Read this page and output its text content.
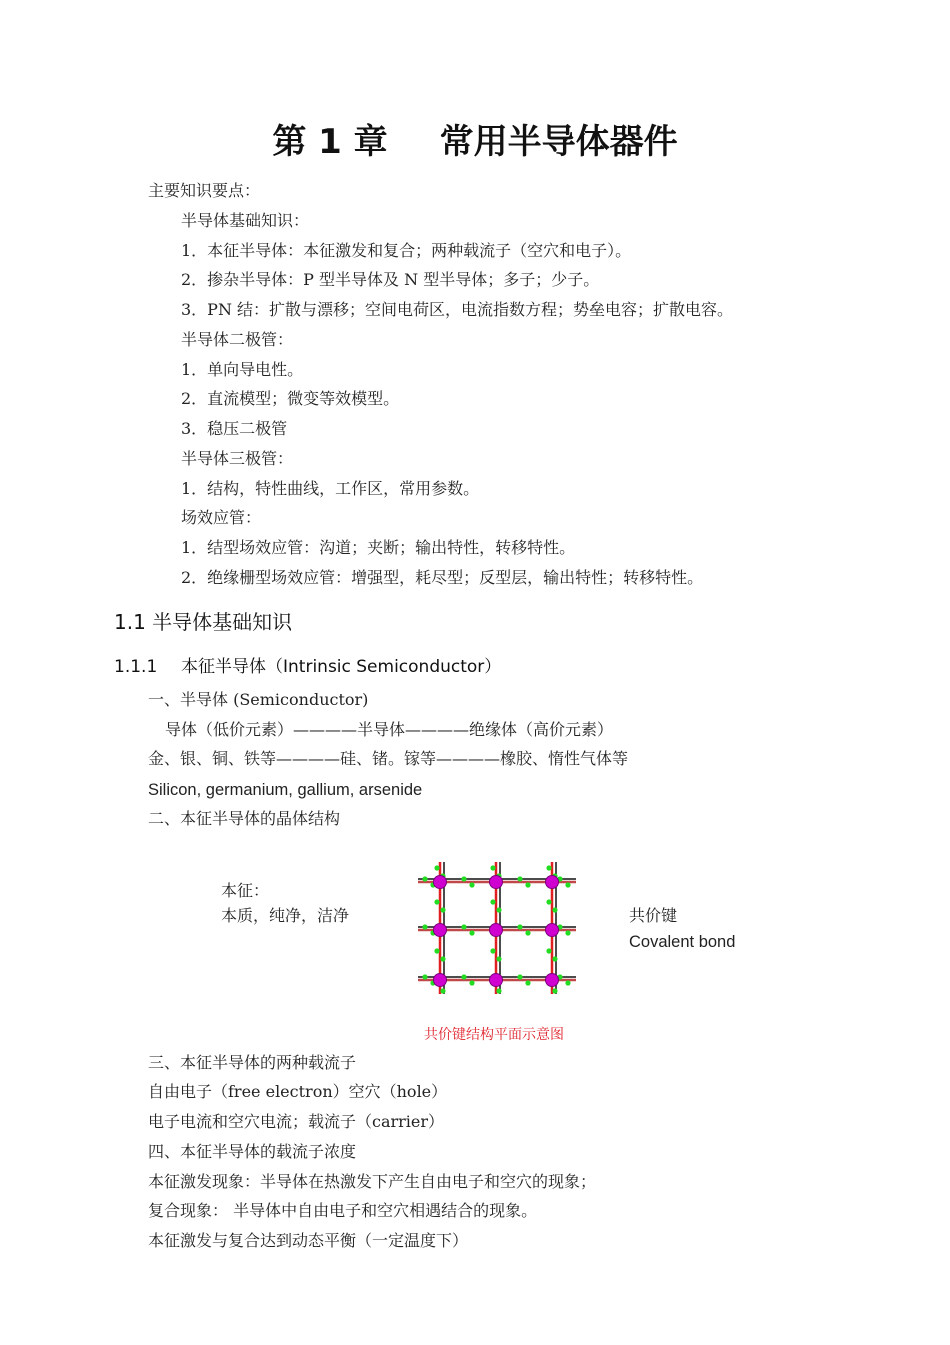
第 1 章 常用半导体器件
主要知识要点：
半导体基础知识：
1．本征半导体：本征激发和复合；两种载流子（空穴和电子）。
2．掺杂半导体：P 型半导体及 N 型半导体；多子；少子。
3．PN 结：扩散与漂移；空间电荷区，电流指数方程；势垒电容；扩散电容。
半导体二极管：
1．单向导电性。
2．直流模型；微变等效模型。
3．稳压二极管
半导体三极管：
1．结构，特性曲线，工作区，常用参数。
场效应管：
1．结型场效应管：沟道；夹断；输出特性，转移特性。
2．绝缘栅型场效应管：增强型，耗尽型；反型层，输出特性；转移特性。
1.1 半导体基础知识
1.1.1 本征半导体（Intrinsic Semiconductor）
一、半导体 (Semiconductor)
导体（低价元素）————半导体————绝缘体（高价元素）
金、银、铜、铁等————硅、锗。镓等————橡胶、惰性气体等
Silicon, germanium, gallium, arsenide
二、本征半导体的晶体结构
本征：
本质，纯净，洁净	共价键
Covalent bond
共价键结构平面示意图
三、本征半导体的两种载流子
自由电子（free electron）空穴（hole）
电子电流和空穴电流；载流子（carrier）
四、本征半导体的载流子浓度
本征激发现象：半导体在热激发下产生自由电子和空穴的现象；
复合现象： 半导体中自由电子和空穴相遇结合的现象。
本征激发与复合达到动态平衡（一定温度下）
